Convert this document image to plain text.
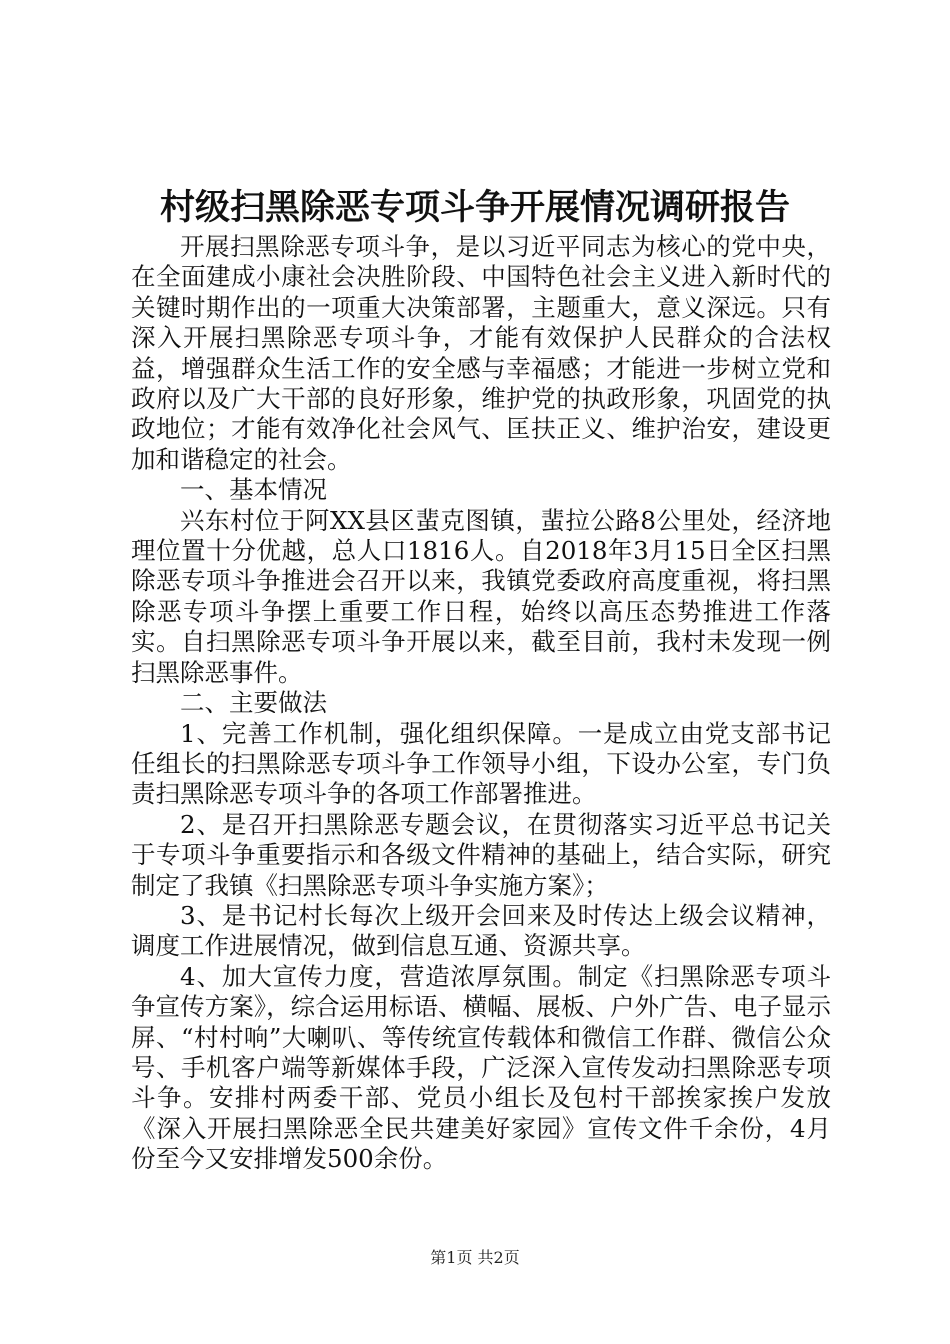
村级扫黑除恶专项斗争开展情况调研报告

开展扫黑除恶专项斗争，是以习近平同志为核心的党中央，在全面建成小康社会决胜阶段、中国特色社会主义进入新时代的关键时期作出的一项重大决策部署，主题重大，意义深远。只有深入开展扫黑除恶专项斗争，才能有效保护人民群众的合法权益，增强群众生活工作的安全感与幸福感；才能进一步树立党和政府以及广大干部的良好形象，维护党的执政形象，巩固党的执政地位；才能有效净化社会风气、匡扶正义、维护治安，建设更加和谐稳定的社会。

一、基本情况

兴东村位于阿XX县区蜚克图镇，蜚拉公路8公里处，经济地理位置十分优越，总人口1816人。自2018年3月15日全区扫黑除恶专项斗争推进会召开以来，我镇党委政府高度重视，将扫黑除恶专项斗争摆上重要工作日程，始终以高压态势推进工作落实。自扫黑除恶专项斗争开展以来，截至目前，我村未发现一例扫黑除恶事件。

二、主要做法

1、完善工作机制，强化组织保障。一是成立由党支部书记任组长的扫黑除恶专项斗争工作领导小组，下设办公室，专门负责扫黑除恶专项斗争的各项工作部署推进。

2、是召开扫黑除恶专题会议，在贯彻落实习近平总书记关于专项斗争重要指示和各级文件精神的基础上，结合实际，研究制定了我镇《扫黑除恶专项斗争实施方案》；

3、是书记村长每次上级开会回来及时传达上级会议精神，调度工作进展情况，做到信息互通、资源共享。

4、加大宣传力度，营造浓厚氛围。制定《扫黑除恶专项斗争宣传方案》，综合运用标语、横幅、展板、户外广告、电子显示屏、“村村响”大喇叭、等传统宣传载体和微信工作群、微信公众号、手机客户端等新媒体手段，广泛深入宣传发动扫黑除恶专项斗争。安排村两委干部、党员小组长及包村干部挨家挨户发放《深入开展扫黑除恶全民共建美好家园》宣传文件千余份，4月份至今又安排增发500余份。

第1页 共2页
